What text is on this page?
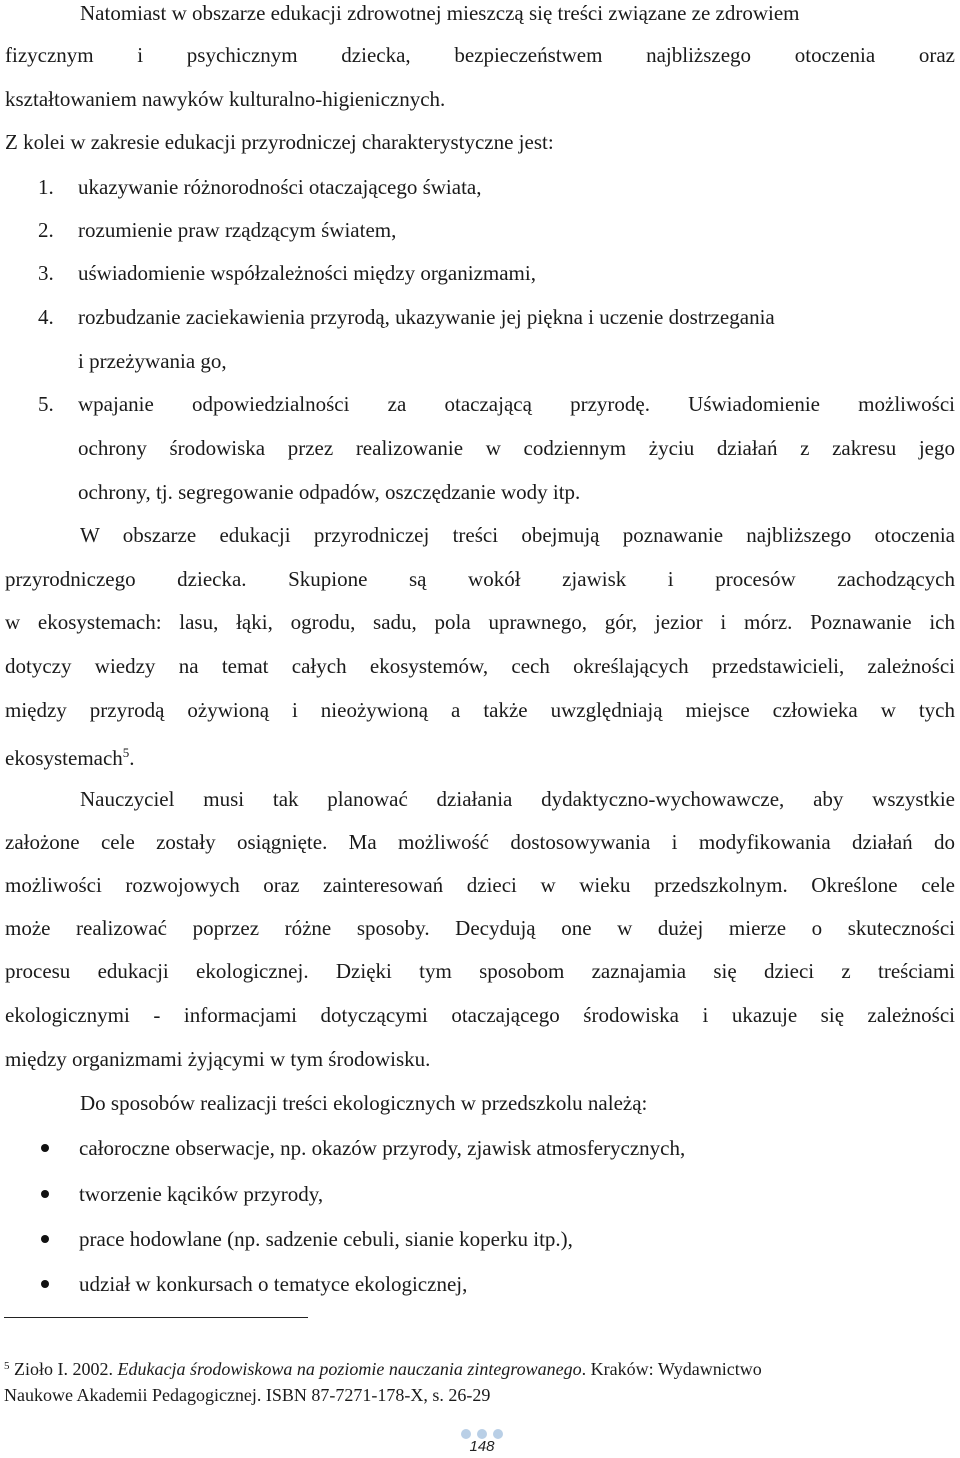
Natomiast w obszarze edukacji zdrowotnej mieszczą się treści związane ze zdrowiem
fizycznym i psychicznym dziecka, bezpieczeństwem najbliższego otoczenia oraz
kształtowaniem nawyków kulturalno-higienicznych.
Z kolei w zakresie edukacji przyrodniczej charakterystyczne jest:
1. ukazywanie różnorodności otaczającego świata,
2. rozumienie praw rządzącym światem,
3. uświadomienie współzależności między organizmami,
4. rozbudzanie zaciekawienia przyrodą, ukazywanie jej piękna i uczenie dostrzegania
i przeżywania go,
5. wpajanie odpowiedzialności za otaczającą przyrodę. Uświadomienie możliwości
ochrony środowiska przez realizowanie w codziennym życiu działań z zakresu jego
ochrony, tj. segregowanie odpadów, oszczędzanie wody itp.
W obszarze edukacji przyrodniczej treści obejmują poznawanie najbliższego otoczenia
przyrodniczego dziecka. Skupione są wokół zjawisk i procesów zachodzących
w ekosystemach: lasu, łąki, ogrodu, sadu, pola uprawnego, gór, jezior i mórz. Poznawanie ich
dotyczy wiedzy na temat całych ekosystemów, cech określających przedstawicieli, zależności
między przyrodą ożywioną i nieożywioną a także uwzględniają miejsce człowieka w tych
ekosystemach$^5$.
Nauczyciel musi tak planować działania dydaktyczno-wychowawcze, aby wszystkie
założone cele zostały osiągnięte. Ma możliwość dostosowywania i modyfikowania działań do
możliwości rozwojowych oraz zainteresowań dzieci w wieku przedszkolnym. Określone cele
może realizować poprzez różne sposoby. Decydują one w dużej mierze o skuteczności
procesu edukacji ekologicznej. Dzięki tym sposobom zaznajamia się dzieci z treściami
ekologicznymi - informacjami dotyczącymi otaczającego środowiska i ukazuje się zależności
między organizmami żyjącymi w tym środowisku.
Do sposobów realizacji treści ekologicznych w przedszkolu należą:
całoroczne obserwacje, np. okazów przyrody, zjawisk atmosferycznych,
tworzenie kącików przyrody,
prace hodowlane (np. sadzenie cebuli, sianie koperku itp.),
udział w konkursach o tematyce ekologicznej,
$^5$ Zioło I. 2002. Edukacja środowiskowa na poziomie nauczania zintegrowanego. Kraków: Wydawnictwo
Naukowe Akademii Pedagogicznej. ISBN 87-7271-178-X, s. 26-29
148
